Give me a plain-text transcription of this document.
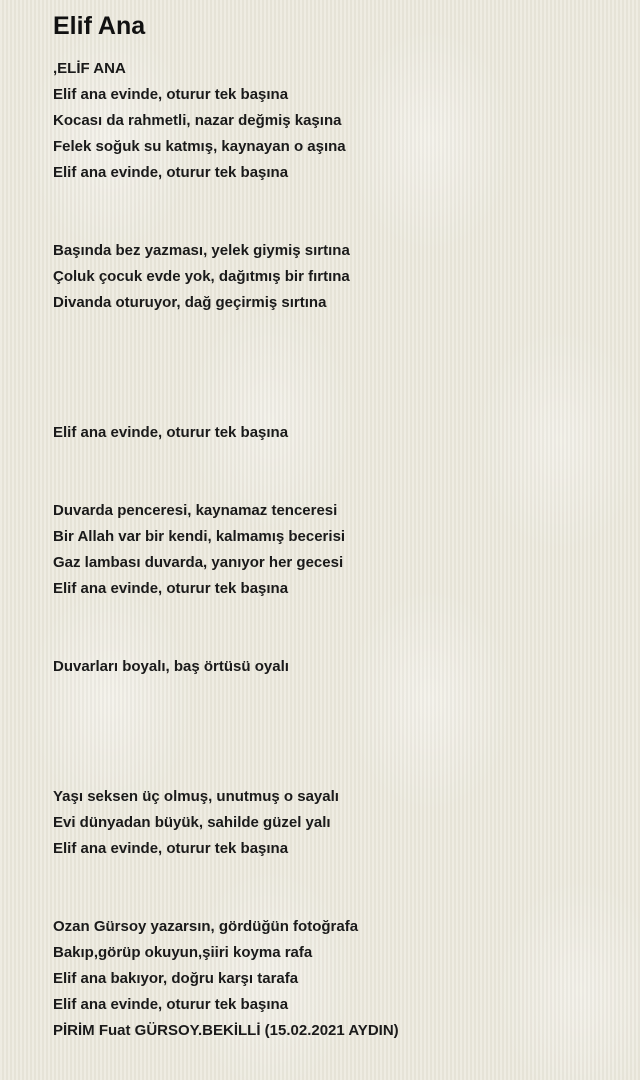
Elif Ana
,ELİF ANA
Elif ana evinde, oturur tek başına
Kocası da rahmetli, nazar değmiş kaşına
Felek soğuk su katmış, kaynayan o aşına
Elif ana evinde, oturur tek başına
Başında bez yazması, yelek giymiş sırtına
Çoluk çocuk evde yok, dağıtmış bir fırtına
Divanda oturuyor, dağ geçirmiş sırtına
Elif ana evinde, oturur tek başına
Duvarda penceresi, kaynamaz tenceresi
Bir Allah var bir kendi, kalmamış becerisi
Gaz lambası duvarda, yanıyor her gecesi
Elif ana evinde, oturur tek başına
Duvarları boyalı, baş örtüsü oyalı
Yaşı seksen üç olmuş, unutmuş o sayalı
Evi dünyadan büyük, sahilde güzel yalı
Elif ana evinde, oturur tek başına
Ozan Gürsoy yazarsın, gördüğün fotoğrafa
Bakıp,görüp okuyun,şiiri koyma rafa
Elif ana bakıyor, doğru karşı tarafa
Elif ana evinde, oturur tek başına
PİRİM Fuat GÜRSOY.BEKİLLİ (15.02.2021 AYDIN)
